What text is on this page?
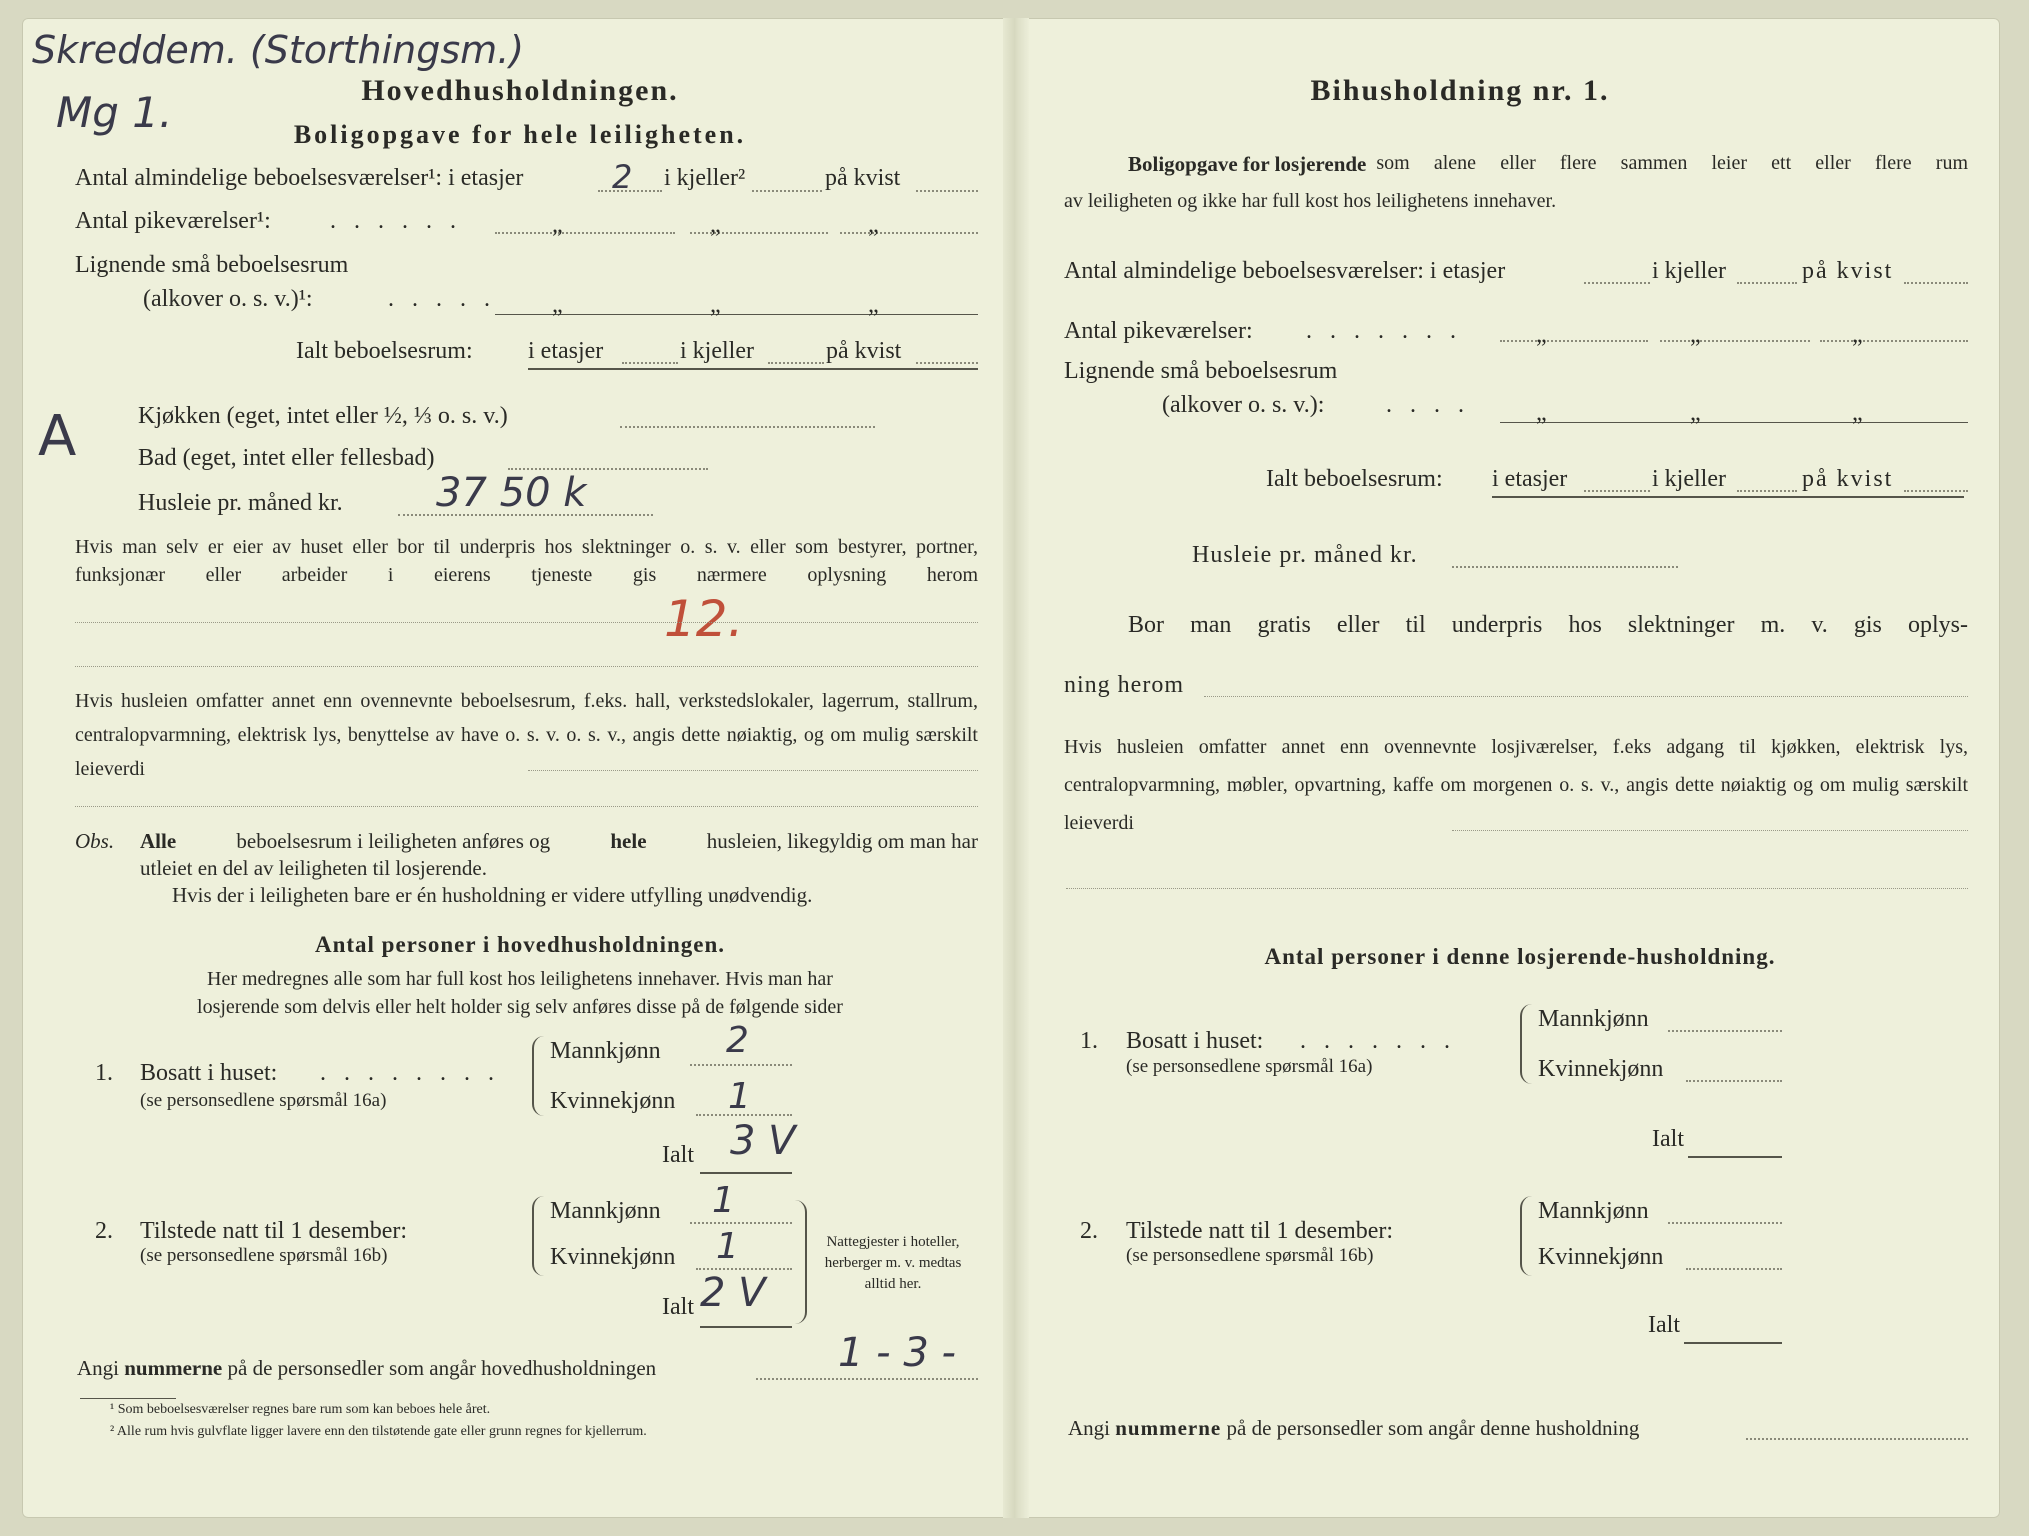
Skreddem. (Storthingsm.)
Mg 1.	Hovedhusholdningen.
Boligopgave for hele leiligheten.
Antal almindelige beboelsesværelser¹: i etasjer	2 i kjeller²	på kvist
Antal pikeværelser¹: . . . . . .	„	„	„
Lignende små beboelsesrum
(alkover o. s. v.)¹:	. . . . . „	„	„
Ialt beboelsesrum: i etasjer	i kjeller	på kvist
A	Kjøkken (eget, intet eller ½, ⅓ o. s. v.)
Bad (eget, intet eller fellesbad)
Husleie pr. måned kr. 37 50 k
Hvis man selv er eier av huset eller bor til underpris hos slektninger o. s. v. eller som bestyrer, portner, funksjonær eller arbeider i eierens tjeneste gis nærmere oplysning herom
12.
Hvis husleien omfatter annet enn ovennevnte beboelsesrum, f.eks. hall, verkstedslokaler, lagerrum, stallrum, centralopvarmning, elektrisk lys, benyttelse av have o. s. v. o. s. v., angis dette nøiaktig, og om mulig særskilt leieverdi
Obs. Alle	beboelsesrum i leiligheten anføres og	hele	husleien, likegyldig om man har
utleiet en del av leiligheten til losjerende.
Hvis der i leiligheten bare er én husholdning er videre utfylling unødvendig.
Antal personer i hovedhusholdningen.
Her medregnes alle som har full kost hos leilighetens innehaver. Hvis man har
losjerende som delvis eller helt holder sig selv anføres disse på de følgende sider
1. Bosatt i huset: . . . . . . . .
(se personsedlene spørsmål 16a)
Mannkjønn 2
Kvinnekjønn 1
Ialt 3 V
2. Tilstede natt til 1 desember:
(se personsedlene spørsmål 16b)
Mannkjønn 1
Kvinnekjønn 1
Ialt 2 V
Nattegjester i hoteller, herberger m. v. medtas alltid her.
Angi nummerne på de personsedler som angår hovedhusholdningen	1 - 3 -
¹ Som beboelsesværelser regnes bare rum som kan beboes hele året.
² Alle rum hvis gulvflate ligger lavere enn den tilstøtende gate eller grunn regnes for kjellerrum.
Bihusholdning nr. 1.
Boligopgave for losjerende som alene eller flere sammen leier ett eller flere rum
av leiligheten og ikke har full kost hos leilighetens innehaver.
Antal almindelige beboelsesværelser: i etasjer	i kjeller	på kvist
Antal pikeværelser: . . . . . . .	„	„	„
Lignende små beboelsesrum
(alkover o. s. v.):	. . . .	„	„	„
Ialt beboelsesrum: i etasjer	i kjeller	på kvist
Husleie pr. måned kr.
Bor man gratis eller til underpris hos slektninger m. v. gis oplys-
ning herom
Hvis husleien omfatter annet enn ovennevnte losjiværelser, f.eks adgang til kjøkken, elektrisk lys, centralopvarmning, møbler, opvartning, kaffe om morgenen o. s. v., angis dette nøiaktig og om mulig særskilt leieverdi
Antal personer i denne losjerende-husholdning.
1. Bosatt i huset: . . . . . . .
(se personsedlene spørsmål 16a)
Mannkjønn
Kvinnekjønn
Ialt
2. Tilstede natt til 1 desember:
(se personsedlene spørsmål 16b)
Mannkjønn
Kvinnekjønn
Ialt
Angi nummerne på de personsedler som angår denne husholdning
